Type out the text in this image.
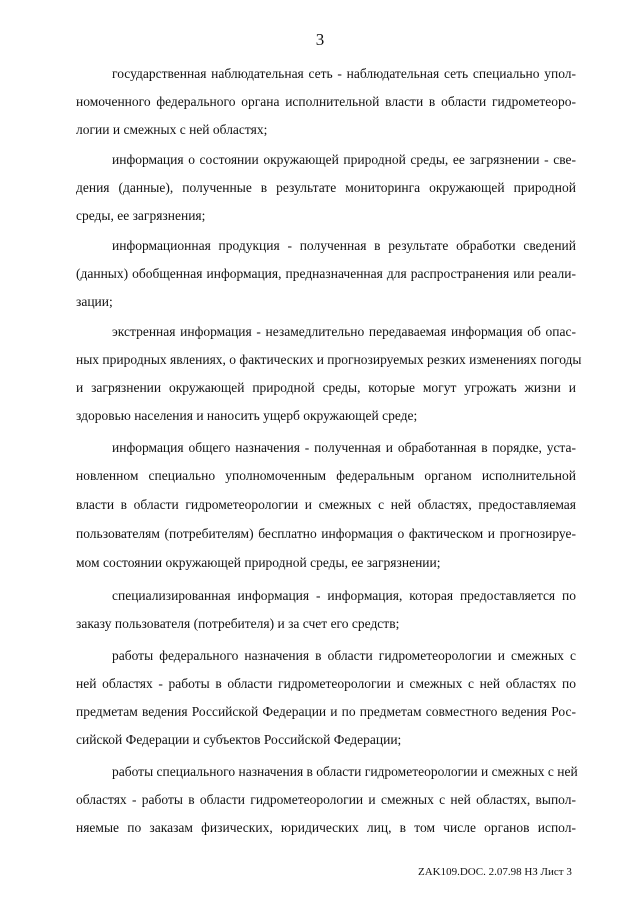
3
государственная наблюдательная сеть - наблюдательная сеть специально упол-
номоченного федерального органа исполнительной власти в области гидрометеоро-
логии и смежных с ней областях;
информация о состоянии окружающей природной среды, ее загрязнении - све-
дения (данные), полученные в результате мониторинга окружающей природной
среды, ее загрязнения;
информационная продукция - полученная в результате обработки сведений
(данных) обобщенная информация, предназначенная для распространения или реали-
зации;
экстренная информация - незамедлительно передаваемая информация об опас-
ных природных явлениях, о фактических и прогнозируемых резких изменениях погоды
и загрязнении окружающей природной среды, которые могут угрожать жизни и
здоровью населения и наносить ущерб окружающей среде;
информация общего назначения - полученная и обработанная в порядке, уста-
новленном специально уполномоченным федеральным органом исполнительной
власти в области гидрометеорологии и смежных с ней областях, предоставляемая
пользователям (потребителям) бесплатно информация о фактическом и прогнозируе-
мом состоянии окружающей природной среды, ее загрязнении;
специализированная информация - информация, которая предоставляется по
заказу пользователя (потребителя) и за счет его средств;
работы федерального назначения в области гидрометеорологии и смежных с
ней областях - работы в области гидрометеорологии и смежных с ней областях по
предметам ведения Российской Федерации и по предметам совместного ведения Рос-
сийской Федерации и субъектов Российской Федерации;
работы специального назначения в области гидрометеорологии и смежных с ней
областях - работы в области гидрометеорологии и смежных с ней областях, выпол-
няемые по заказам физических, юридических лиц, в том числе органов испол-
ZAK109.DOC. 2.07.98 НЗ Лист 3
